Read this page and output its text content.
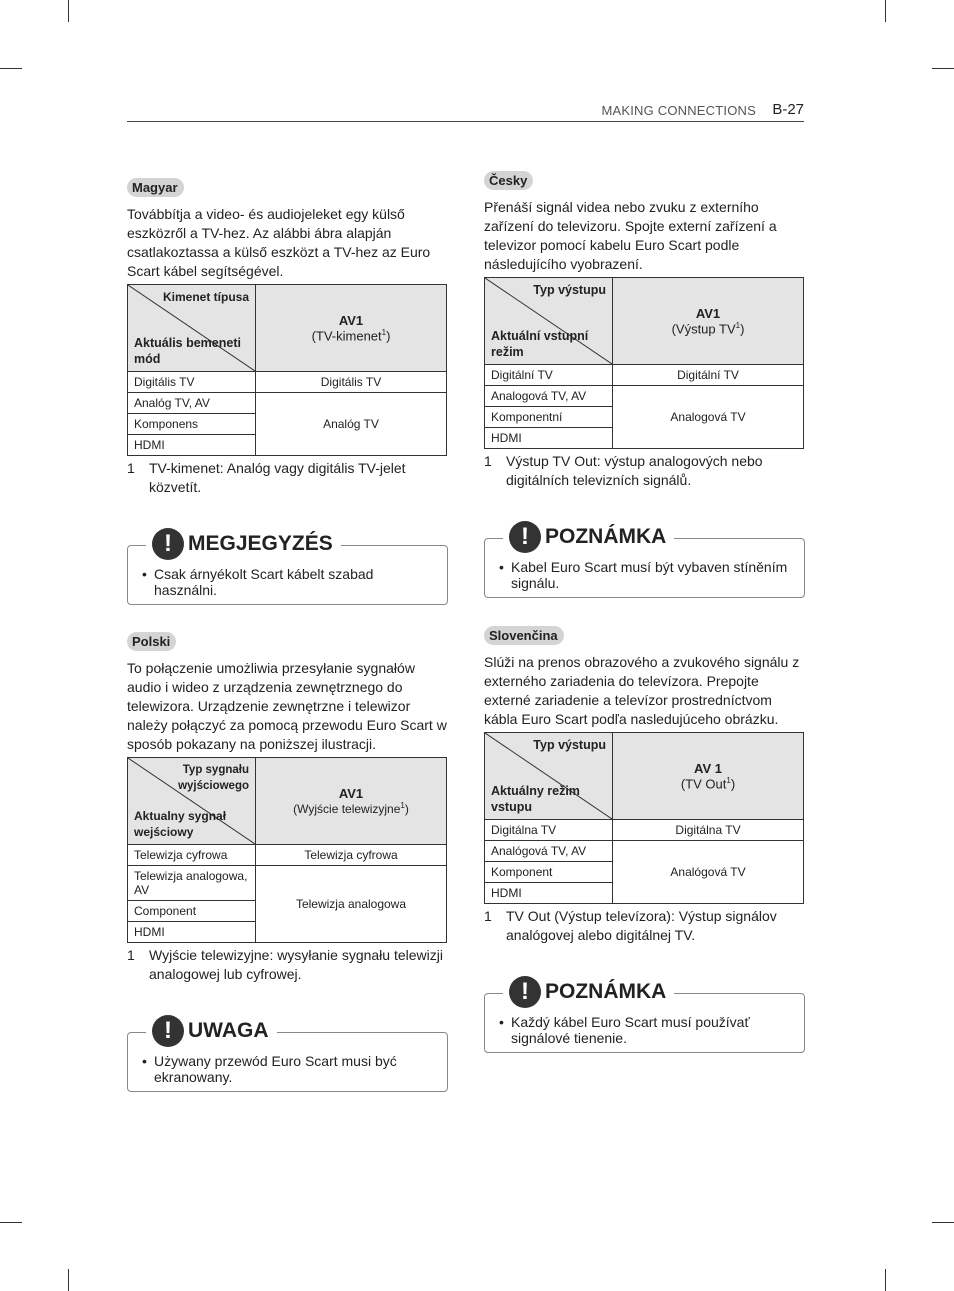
MAKING CONNECTIONS B-27
Magyar

Továbbítja a video- és audiojeleket egy külső eszközről a TV-hez. Az alábbi ábra alapján csatlakoztassa a külső eszközt a TV-hez az Euro Scart kábel segítségével.

Kimenet típusa
Aktuális bemeneti mód	AV1
(TV-kimenet$^1$)

Digitális TV	Digitális TV
Analóg TV, AV	Analóg TV
Komponens	
HDMI	
1 TV-kimenet: Analóg vagy digitális TV-jelet közvetít.
! MEGJEGYZÉS
• Csak árnyékolt Scart kábelt szabad használni.
Polski

To połączenie umożliwia przesyłanie sygnałów audio i wideo z urządzenia zewnętrznego do telewizora. Urządzenie zewnętrzne i telewizor należy połączyć za pomocą przewodu Euro Scart w sposób pokazany na poniższej ilustracji.

Typ sygnału wyjściowego
Aktualny sygnał wejściowy	AV1
(Wyjście telewizyjne$^1$)

Telewizja cyfrowa	Telewizja cyfrowa
Telewizja analogowa, AV	Telewizja analogowa
Component	
HDMI	
1 Wyjście telewizyjne: wysyłanie sygnału telewizji analogowej lub cyfrowej.
! UWAGA
• Używany przewód Euro Scart musi być ekranowany.
Česky

Přenáší signál videa nebo zvuku z externího zařízení do televizoru. Spojte externí zařízení a televizor pomocí kabelu Euro Scart podle následujícího vyobrazení.

Typ výstupu
Aktuální vstupní režim	AV1
(Výstup $TV^1$)

Digitální TV	Digitální TV
Analogová TV, AV	Analogová TV
Komponentní	
HDMI	
1 Výstup TV Out: výstup analogových nebo digitálních televizních signálů.
! POZNÁMKA
• Kabel Euro Scart musí být vybaven stíněním signálu.
Slovenčina

Slúži na prenos obrazového a zvukového signálu z externého zariadenia do televízora. Prepojte externé zariadenie a televízor prostredníctvom kábla Euro Scart podľa nasledujúceho obrázku.

Typ výstupu
Aktuálny režim vstupu	AV 1
(TV Out$^1$)

Digitálna TV	Digitálna TV
Analógová TV, AV	Analógová TV
Komponent	
HDMI	
1 TV Out (Výstup televízora): Výstup signálov analógovej alebo digitálnej TV.
! POZNÁMKA
• Každý kábel Euro Scart musí používať signálové tienenie.
